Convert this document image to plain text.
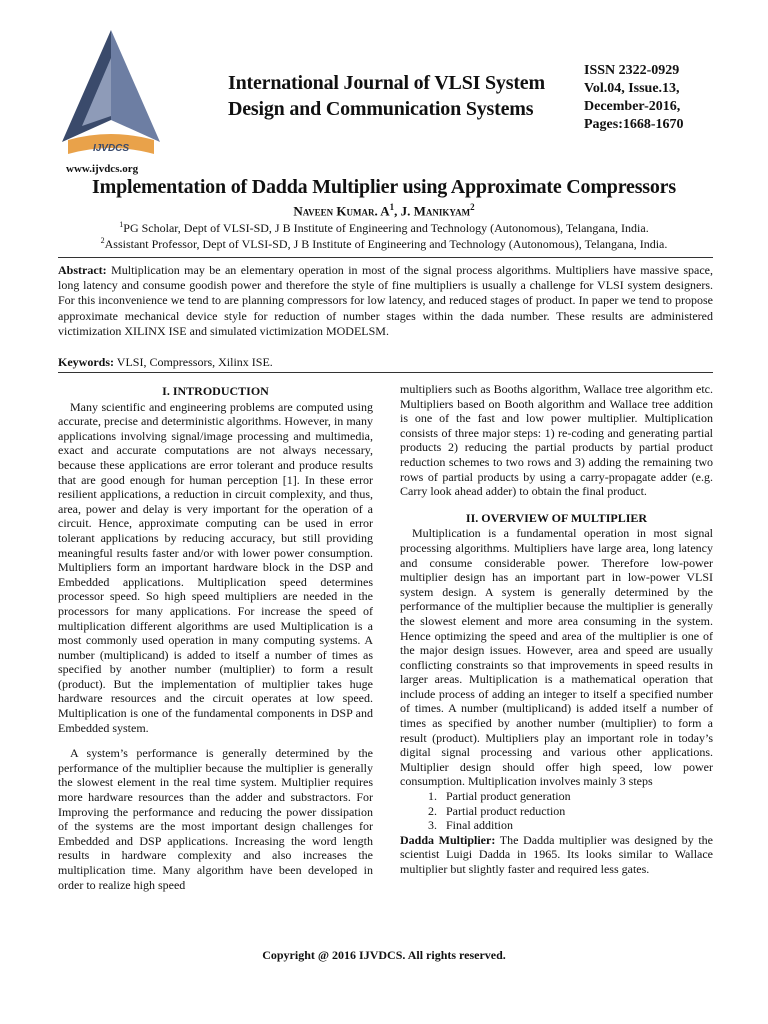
IJVDCS
International Journal of VLSI System
Design and Communication Systems
ISSN 2322-0929
Vol.04, Issue.13,
December-2016,
Pages:1668-1670
www.ijvdcs.org
Implementation of Dadda Multiplier using Approximate Compressors
Naveen Kumar. $A^1$, J. Manikyam$^2$
$^1$PG Scholar, Dept of VLSI-SD, J B Institute of Engineering and Technology (Autonomous), Telangana, India.
$^2$Assistant Professor, Dept of VLSI-SD, J B Institute of Engineering and Technology (Autonomous), Telangana, India.
Abstract: Multiplication may be an elementary operation in most of the signal process algorithms. Multipliers have massive space, long latency and consume goodish power and therefore the style of fine multipliers is usually a challenge for VLSI system designers. For this inconvenience we tend to are planning compressors for low latency, and reduced stages of product. In paper we tend to propose approximate mechanical device style for reduction of number stages within the dada number. These results are administered victimization XILINX ISE and simulated victimization MODELSM.
Keywords: VLSI, Compressors, Xilinx ISE.
I. INTRODUCTION

Many scientific and engineering problems are computed using accurate, precise and deterministic algorithms. However, in many applications involving signal/image processing and multimedia, exact and accurate computations are not always necessary, because these applications are error tolerant and produce results that are good enough for human perception [1]. In these error resilient applications, a reduction in circuit complexity, and thus, area, power and delay is very important for the operation of a circuit. Hence, approximate computing can be used in error tolerant applications by reducing accuracy, but still providing meaningful results faster and/or with lower power consumption. Multipliers form an important hardware block in the DSP and Embedded applications. Multiplication speed determines processor speed. So high speed multipliers are needed in the processors for many applications. For increase the speed of multiplication different algorithms are used Multiplication is a most commonly used operation in many computing systems. A number (multiplicand) is added to itself a number of times as specified by another number (multiplier) to form a result (product). But the implementation of multiplier takes huge hardware resources and the circuit operates at low speed. Multiplication is one of the fundamental components in DSP and Embedded system.

A system’s performance is generally determined by the performance of the multiplier because the multiplier is generally the slowest element in the real time system. Multiplier requires more hardware resources than the adder and substractors. For Improving the performance and reducing the power dissipation of the systems are the most important design challenges for Embedded and DSP applications. Increasing the word length results in hardware complexity and also increases the multiplication time. Many algorithm have been developed in order to realize high speed

multipliers such as Booths algorithm, Wallace tree algorithm etc. Multipliers based on Booth algorithm and Wallace tree addition is one of the fast and low power multiplier. Multiplication consists of three major steps: 1) re-coding and generating partial products 2) reducing the partial products by partial product reduction schemes to two rows and 3) adding the remaining two rows of partial products by using a carry-propagate adder (e.g. Carry look ahead adder) to obtain the final product.

II. OVERVIEW OF MULTIPLIER

Multiplication is a fundamental operation in most signal processing algorithms. Multipliers have large area, long latency and consume considerable power. Therefore low-power multiplier design has an important part in low-power VLSI system design. A system is generally determined by the performance of the multiplier because the multiplier is generally the slowest element and more area consuming in the system. Hence optimizing the speed and area of the multiplier is one of the major design issues. However, area and speed are usually conflicting constraints so that improvements in speed results in larger areas. Multiplication is a mathematical operation that include process of adding an integer to itself a specified number of times. A number (multiplicand) is added itself a number of times as specified by another number (multiplier) to form a result (product). Multipliers play an important role in today’s digital signal processing and various other applications. Multiplier design should offer high speed, low power consumption. Multiplication involves mainly 3 steps

1. Partial product generation
2. Partial product reduction
3. Final addition

Dadda Multiplier: The Dadda multiplier was designed by the scientist Luigi Dadda in 1965. Its looks similar to Wallace multiplier but slightly faster and required less gates.

Copyright @ 2016 IJVDCS. All rights reserved.
